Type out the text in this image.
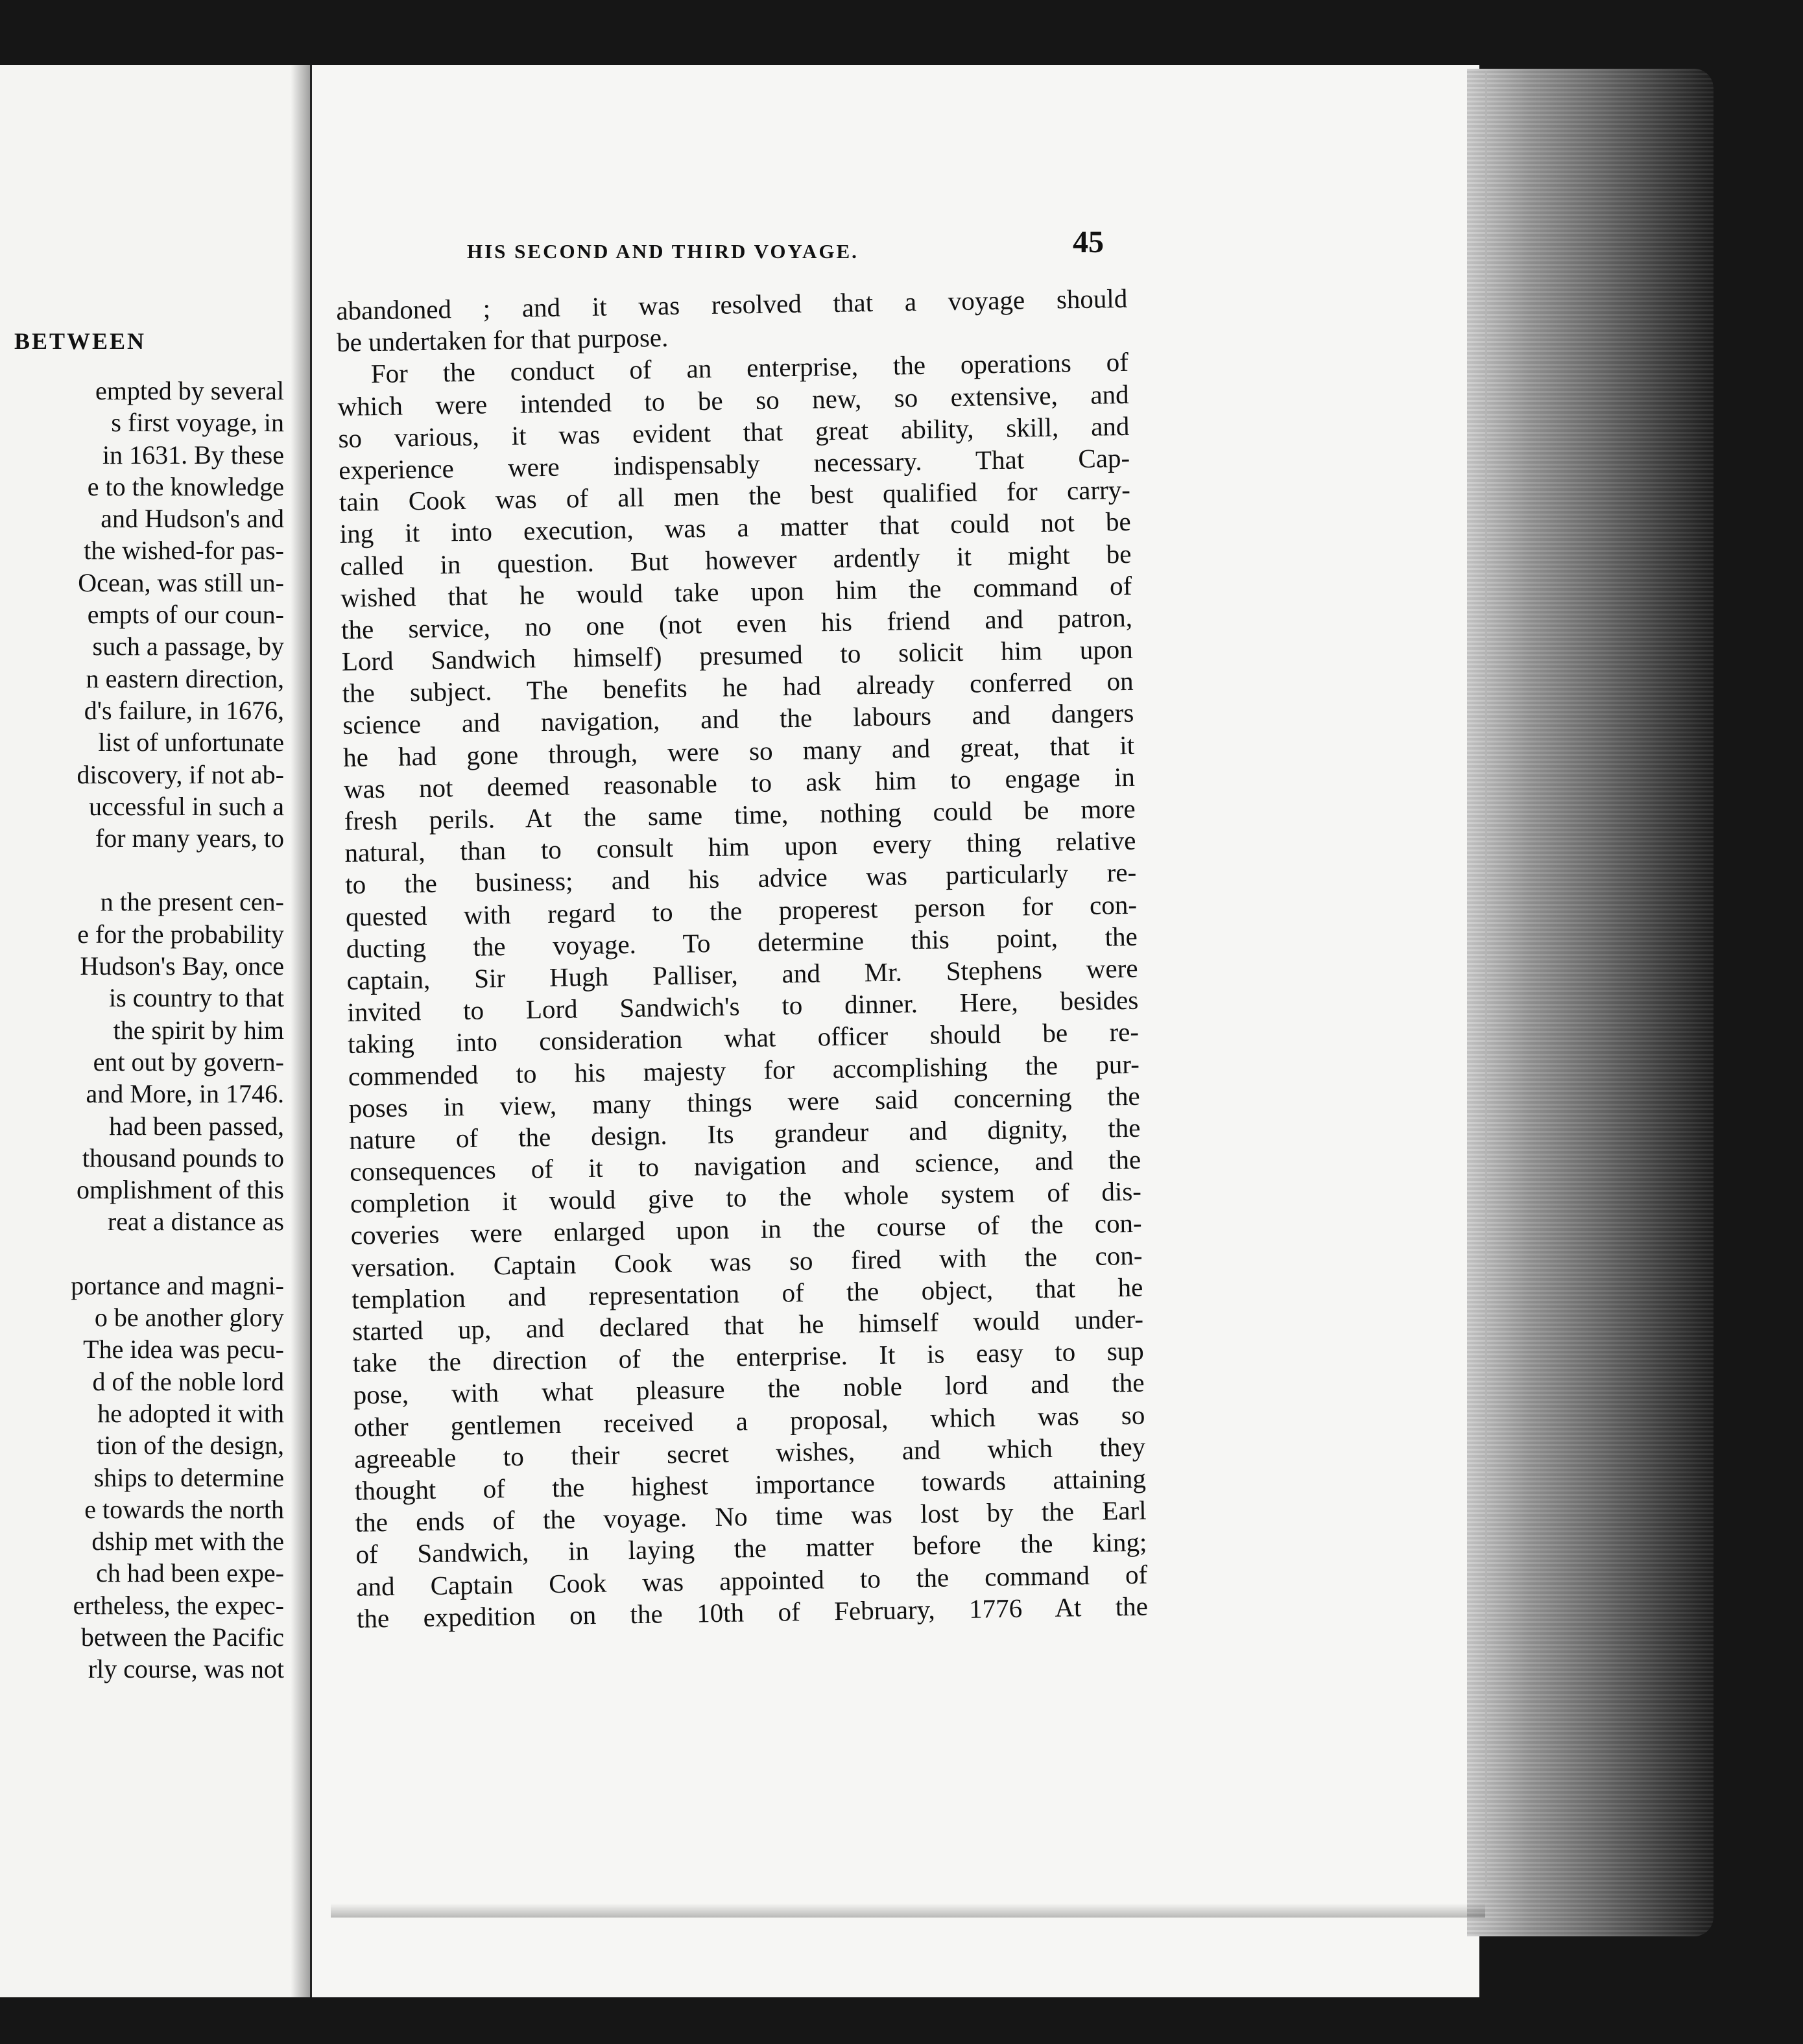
BETWEEN
empted by several
s first voyage, in
in 1631. By these
e to the knowledge
and Hudson's and
the wished-for pas-
Ocean, was still un-
empts of our coun-
such a passage, by
n eastern direction,
d's failure, in 1676,
list of unfortunate
discovery, if not ab-
uccessful in such a
for many years, to
n the present cen-
e for the probability
Hudson's Bay, once
is country to that
the spirit by him
ent out by govern-
and More, in 1746.
had been passed,
thousand pounds to
omplishment of this
reat a distance as
portance and magni-
o be another glory
The idea was pecu-
d of the noble lord
he adopted it with
tion of the design,
ships to determine
e towards the north
dship met with the
ch had been expe-
ertheless, the expec-
between the Pacific
rly course, was not
HIS SECOND AND THIRD VOYAGE.	45
abandoned ; and it was resolved that a voyage should
be undertaken for that purpose.
For the conduct of an enterprise, the operations of
which were intended to be so new, so extensive, and
so various, it was evident that great ability, skill, and
experience were indispensably necessary. That Cap-
tain Cook was of all men the best qualified for carry-
ing it into execution, was a matter that could not be
called in question. But however ardently it might be
wished that he would take upon him the command of
the service, no one (not even his friend and patron,
Lord Sandwich himself) presumed to solicit him upon
the subject. The benefits he had already conferred on
science and navigation, and the labours and dangers
he had gone through, were so many and great, that it
was not deemed reasonable to ask him to engage in
fresh perils. At the same time, nothing could be more
natural, than to consult him upon every thing relative
to the business; and his advice was particularly re-
quested with regard to the properest person for con-
ducting the voyage. To determine this point, the
captain, Sir Hugh Palliser, and Mr. Stephens were
invited to Lord Sandwich's to dinner. Here, besides
taking into consideration what officer should be re-
commended to his majesty for accomplishing the pur-
poses in view, many things were said concerning the
nature of the design. Its grandeur and dignity, the
consequences of it to navigation and science, and the
completion it would give to the whole system of dis-
coveries were enlarged upon in the course of the con-
versation. Captain Cook was so fired with the con-
templation and representation of the object, that he
started up, and declared that he himself would under-
take the direction of the enterprise. It is easy to sup
pose, with what pleasure the noble lord and the
other gentlemen received a proposal, which was so
agreeable to their secret wishes, and which they
thought of the highest importance towards attaining
the ends of the voyage. No time was lost by the Earl
of Sandwich, in laying the matter before the king;
and Captain Cook was appointed to the command of
the expedition on the 10th of February, 1776 At the
